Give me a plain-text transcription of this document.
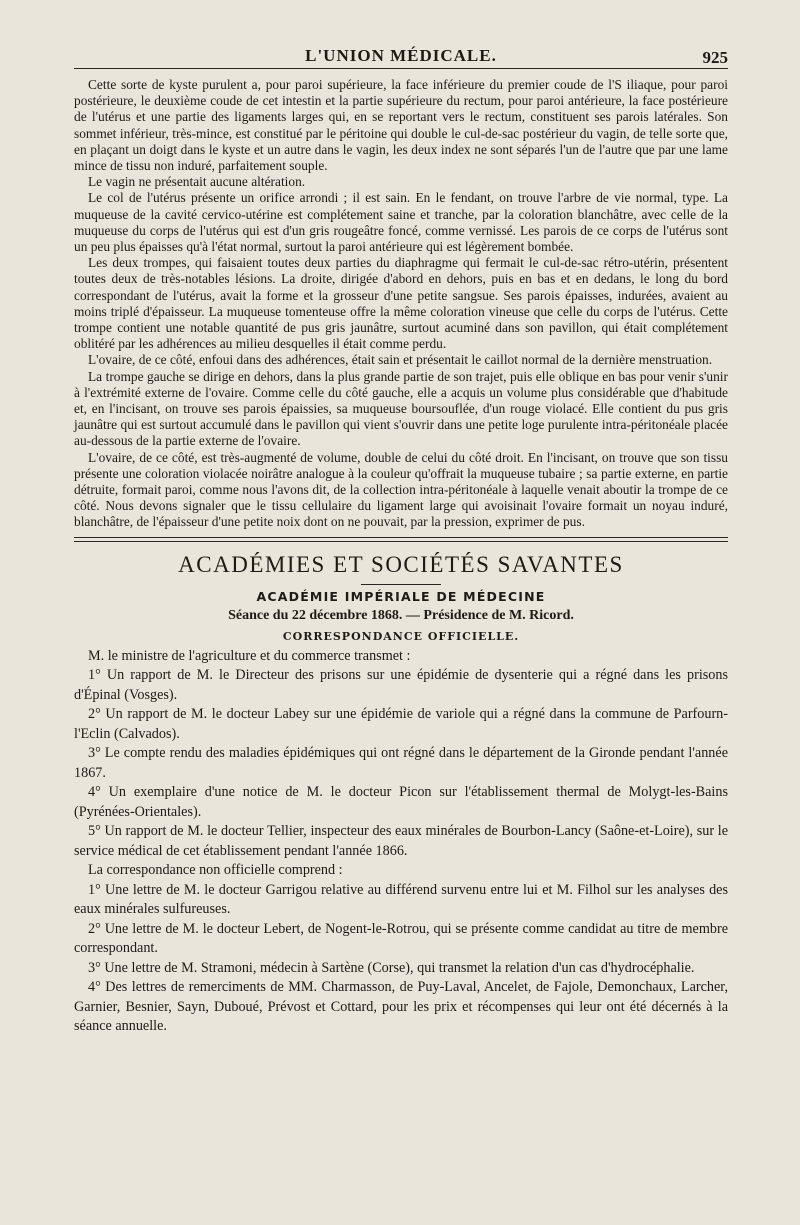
L'UNION MÉDICALE.	925

Cette sorte de kyste purulent a, pour paroi supérieure, la face inférieure du premier coude de l'S iliaque, pour paroi postérieure, le deuxième coude de cet intestin et la partie supérieure du rectum, pour paroi antérieure, la face postérieure de l'utérus et une partie des ligaments larges qui, en se reportant vers le rectum, constituent ses parois latérales. Son sommet inférieur, très-mince, est constitué par le péritoine qui double le cul-de-sac postérieur du vagin, de telle sorte que, en plaçant un doigt dans le kyste et un autre dans le vagin, les deux index ne sont séparés l'un de l'autre que par une lame mince de tissu non induré, parfaitement souple.

Le vagin ne présentait aucune altération.

Le col de l'utérus présente un orifice arrondi ; il est sain. En le fendant, on trouve l'arbre de vie normal, type. La muqueuse de la cavité cervico-utérine est complétement saine et tranche, par la coloration blanchâtre, avec celle de la muqueuse du corps de l'utérus qui est d'un gris rougeâtre foncé, comme vernissé. Les parois de ce corps de l'utérus sont un peu plus épaisses qu'à l'état normal, surtout la paroi antérieure qui est légèrement bombée.

Les deux trompes, qui faisaient toutes deux parties du diaphragme qui fermait le cul-de-sac rétro-utérin, présentent toutes deux de très-notables lésions. La droite, dirigée d'abord en dehors, puis en bas et en dedans, le long du bord correspondant de l'utérus, avait la forme et la grosseur d'une petite sangsue. Ses parois épaisses, indurées, avaient au moins triplé d'épaisseur. La muqueuse tomenteuse offre la même coloration vineuse que celle du corps de l'utérus. Cette trompe contient une notable quantité de pus gris jaunâtre, surtout acuminé dans son pavillon, qui était complétement oblitéré par les adhérences au milieu desquelles il était comme perdu.

L'ovaire, de ce côté, enfoui dans des adhérences, était sain et présentait le caillot normal de la dernière menstruation.

La trompe gauche se dirige en dehors, dans la plus grande partie de son trajet, puis elle oblique en bas pour venir s'unir à l'extrémité externe de l'ovaire. Comme celle du côté gauche, elle a acquis un volume plus considérable que d'habitude et, en l'incisant, on trouve ses parois épaissies, sa muqueuse boursouflée, d'un rouge violacé. Elle contient du pus gris jaunâtre qui est surtout accumulé dans le pavillon qui vient s'ouvrir dans une petite loge purulente intra-péritonéale placée au-dessous de la partie externe de l'ovaire.

L'ovaire, de ce côté, est très-augmenté de volume, double de celui du côté droit. En l'incisant, on trouve que son tissu présente une coloration violacée noirâtre analogue à la couleur qu'offrait la muqueuse tubaire ; sa partie externe, en partie détruite, formait paroi, comme nous l'avons dit, de la collection intra-péritonéale à laquelle venait aboutir la trompe de ce côté. Nous devons signaler que le tissu cellulaire du ligament large qui avoisinait l'ovaire formait un noyau induré, blanchâtre, de l'épaisseur d'une petite noix dont on ne pouvait, par la pression, exprimer de pus.

ACADÉMIES ET SOCIÉTÉS SAVANTES
ACADÉMIE IMPÉRIALE DE MÉDECINE
Séance du 22 décembre 1868. — Présidence de M. Ricord.
CORRESPONDANCE OFFICIELLE.

M. le ministre de l'agriculture et du commerce transmet :

1° Un rapport de M. le Directeur des prisons sur une épidémie de dysenterie qui a régné dans les prisons d'Épinal (Vosges).

2° Un rapport de M. le docteur Labey sur une épidémie de variole qui a régné dans la commune de Parfourn-l'Eclin (Calvados).

3° Le compte rendu des maladies épidémiques qui ont régné dans le département de la Gironde pendant l'année 1867.

4° Un exemplaire d'une notice de M. le docteur Picon sur l'établissement thermal de Molygt-les-Bains (Pyrénées-Orientales).

5° Un rapport de M. le docteur Tellier, inspecteur des eaux minérales de Bourbon-Lancy (Saône-et-Loire), sur le service médical de cet établissement pendant l'année 1866.

La correspondance non officielle comprend :

1° Une lettre de M. le docteur Garrigou relative au différend survenu entre lui et M. Filhol sur les analyses des eaux minérales sulfureuses.

2° Une lettre de M. le docteur Lebert, de Nogent-le-Rotrou, qui se présente comme candidat au titre de membre correspondant.

3° Une lettre de M. Stramoni, médecin à Sartène (Corse), qui transmet la relation d'un cas d'hydrocéphalie.

4° Des lettres de remerciments de MM. Charmasson, de Puy-Laval, Ancelet, de Fajole, Demonchaux, Larcher, Garnier, Besnier, Sayn, Duboué, Prévost et Cottard, pour les prix et récompenses qui leur ont été décernés à la séance annuelle.
